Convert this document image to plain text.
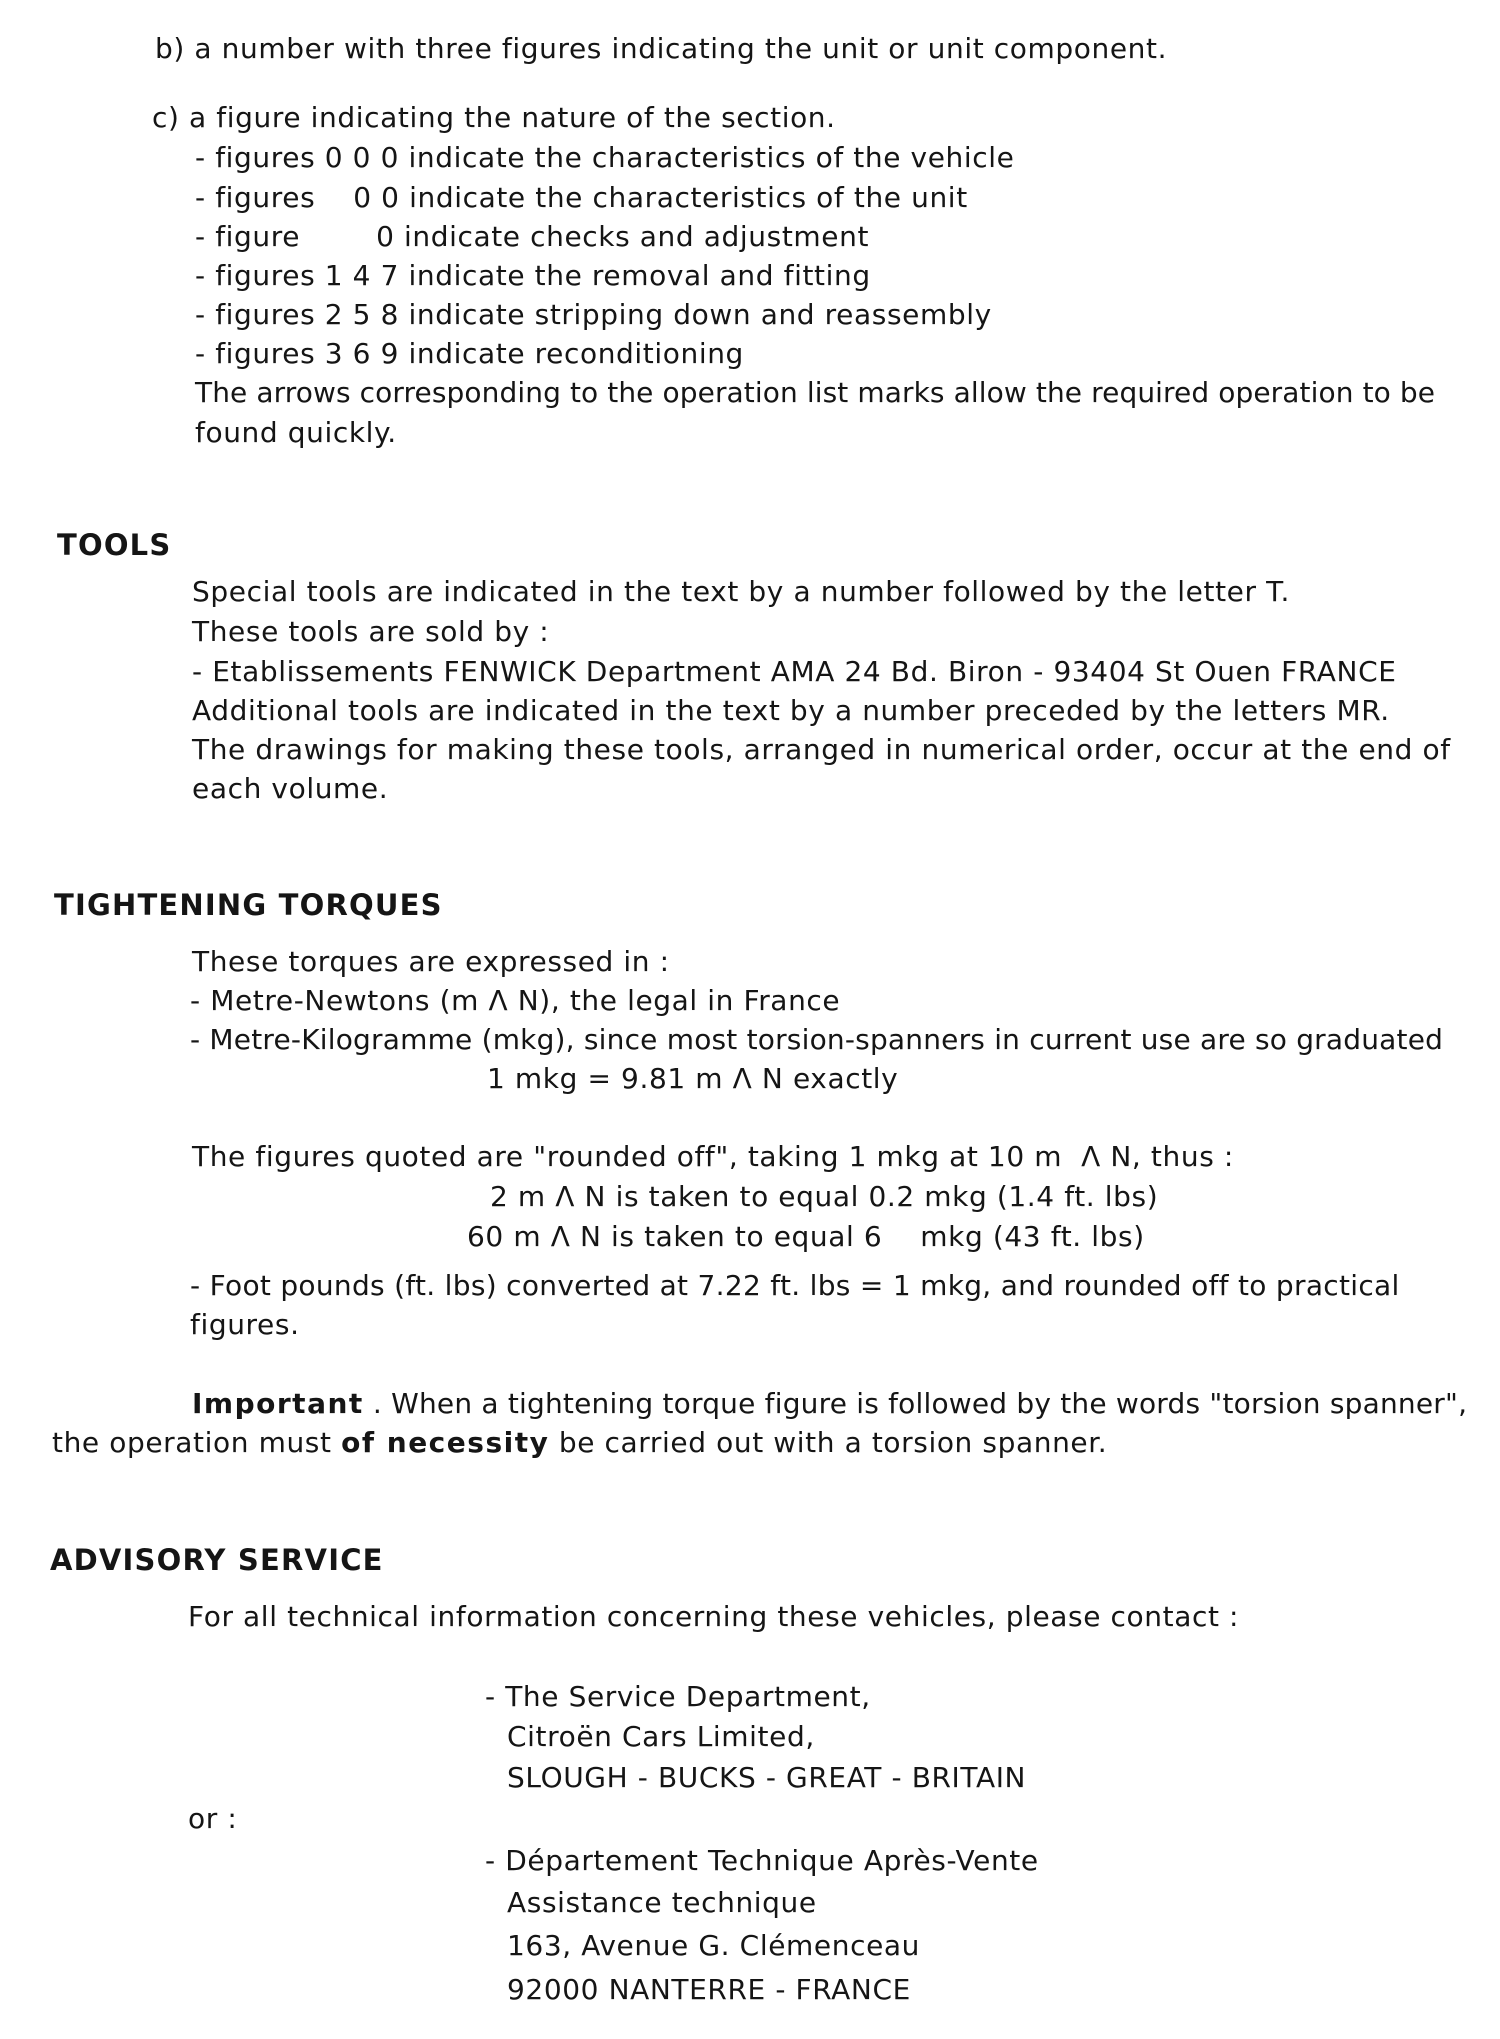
b) a number with three figures indicating the unit or unit component.
c) a figure indicating the nature of the section.
- figures 0 0 0 indicate the characteristics of the vehicle
- figures    0 0 indicate the characteristics of the unit
- figure        0 indicate checks and adjustment
- figures 1 4 7 indicate the removal and fitting
- figures 2 5 8 indicate stripping down and reassembly
- figures 3 6 9 indicate reconditioning
The arrows corresponding to the operation list marks allow the required operation to be
found quickly.
TOOLS
Special tools are indicated in the text by a number followed by the letter T.
These tools are sold by :
- Etablissements FENWICK Department AMA 24 Bd. Biron - 93404 St Ouen FRANCE
Additional tools are indicated in the text by a number preceded by the letters MR.
The drawings for making these tools, arranged in numerical order, occur at the end of
each volume.
TIGHTENING TORQUES
These torques are expressed in :
- Metre-Newtons (m Λ N), the legal in France
- Metre-Kilogramme (mkg), since most torsion-spanners in current use are so graduated
1 mkg = 9.81 m Λ N exactly
The figures quoted are "rounded off", taking 1 mkg at 10 m  Λ N, thus :
2 m Λ N is taken to equal 0.2 mkg (1.4 ft. lbs)
60 m Λ N is taken to equal 6    mkg (43 ft. lbs)
- Foot pounds (ft. lbs) converted at 7.22 ft. lbs = 1 mkg, and rounded off to practical
figures.
Important . When a tightening torque figure is followed by the words "torsion spanner",
the operation must of necessity be carried out with a torsion spanner.
ADVISORY SERVICE
For all technical information concerning these vehicles, please contact :
- The Service Department,
Citroën Cars Limited,
SLOUGH - BUCKS - GREAT - BRITAIN
or :
- Département Technique Après-Vente
Assistance technique
163, Avenue G. Clémenceau
92000 NANTERRE - FRANCE
